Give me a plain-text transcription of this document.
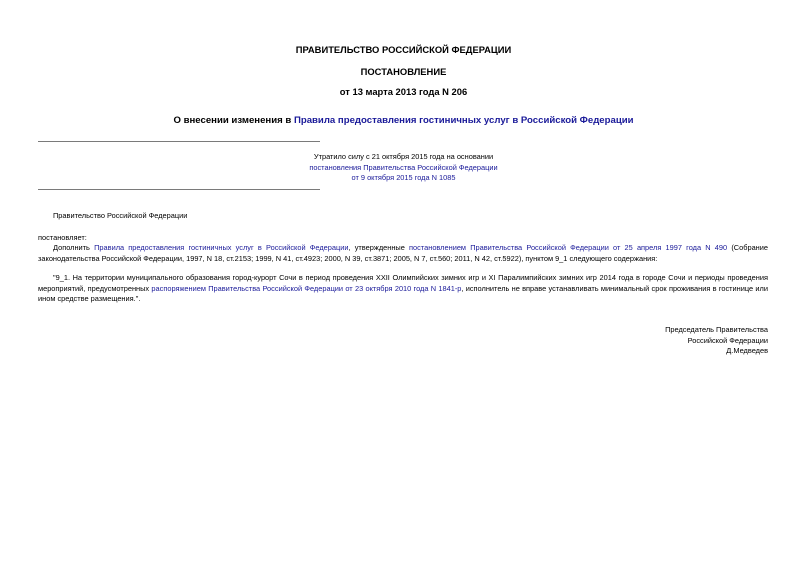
ПРАВИТЕЛЬСТВО РОССИЙСКОЙ ФЕДЕРАЦИИ
ПОСТАНОВЛЕНИЕ
от 13 марта 2013 года N 206
О внесении изменения в Правила предоставления гостиничных услуг в Российской Федерации
Утратило силу с 21 октября 2015 года на основании
постановления Правительства Российской Федерации
от 9 октября 2015 года N 1085
Правительство Российской Федерации
постановляет:
Дополнить Правила предоставления гостиничных услуг в Российской Федерации, утвержденные постановлением Правительства Российской Федерации от 25 апреля 1997 года N 490 (Собрание законодательства Российской Федерации, 1997, N 18, ст.2153; 1999, N 41, ст.4923; 2000, N 39, ст.3871; 2005, N 7, ст.560; 2011, N 42, ст.5922), пунктом 9_1 следующего содержания:
"9_1. На территории муниципального образования город-курорт Сочи в период проведения XXII Олимпийских зимних игр и XI Паралимпийских зимних игр 2014 года в городе Сочи и периоды проведения мероприятий, предусмотренных распоряжением Правительства Российской Федерации от 23 октября 2010 года N 1841-р, исполнитель не вправе устанавливать минимальный срок проживания в гостинице или ином средстве размещения.".
Председатель Правительства
Российской Федерации
Д.Медведев
